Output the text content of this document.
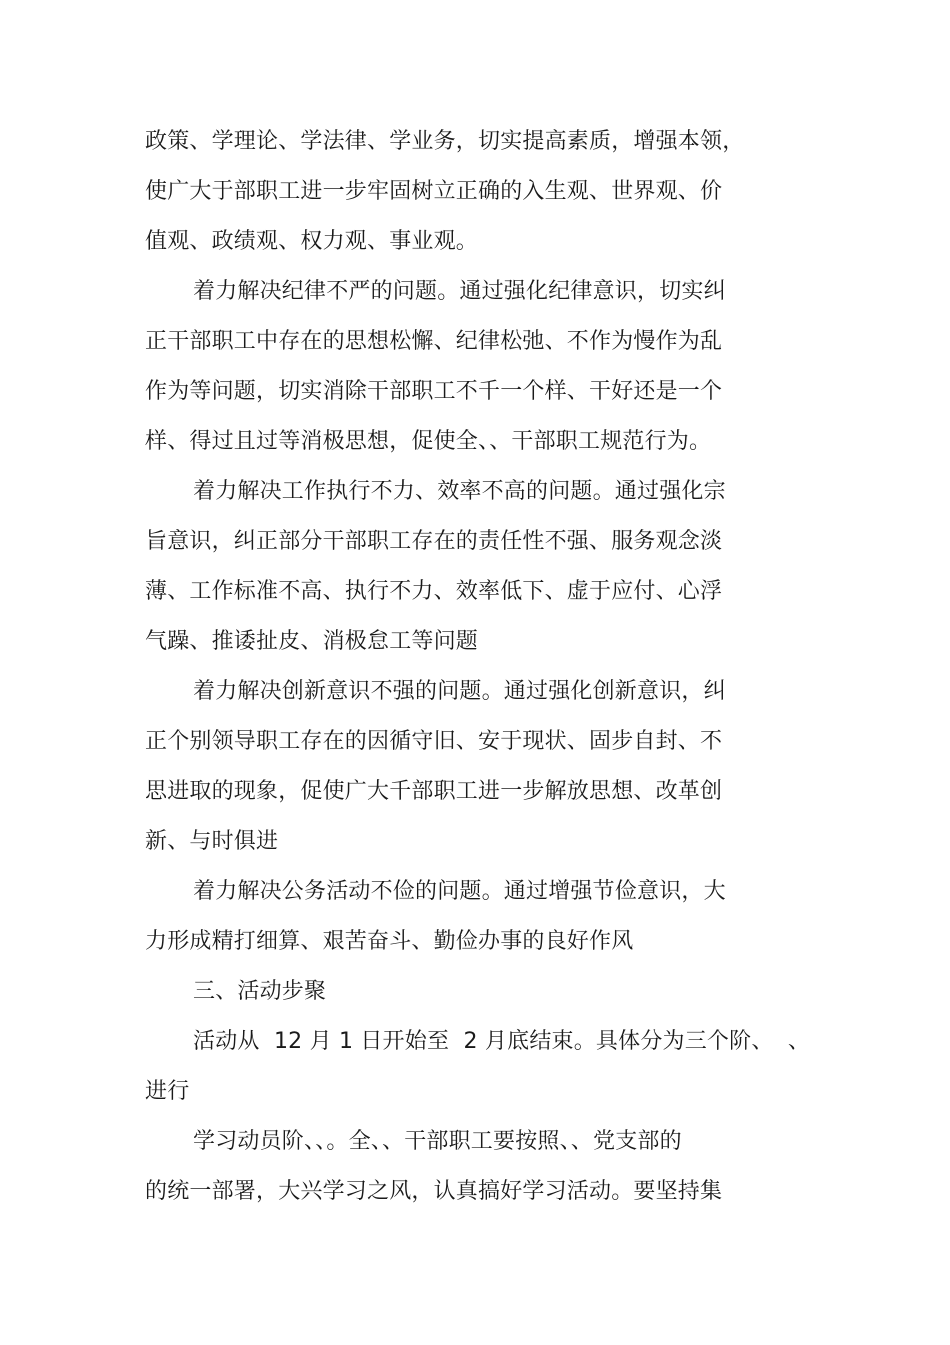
政策、学理论、学法律、学业务，切实提高素质，增强本领，
使广大于部职工进一步牢固树立正确的入生观、世界观、价
值观、政绩观、权力观、事业观。
着力解决纪律不严的问题。通过强化纪律意识，切实纠
正干部职工中存在的思想松懈、纪律松弛、不作为慢作为乱
作为等问题，切实消除干部职工不千一个样、干好还是一个
样、得过且过等消极思想，促使全、、干部职工规范行为。
着力解决工作执行不力、效率不高的问题。通过强化宗
旨意识，纠正部分干部职工存在的责任性不强、服务观念淡
薄、工作标准不高、执行不力、效率低下、虚于应付、心浮
气躁、推诿扯皮、消极怠工等问题
着力解决创新意识不强的问题。通过强化创新意识，纠
正个别领导职工存在的因循守旧、安于现状、固步自封、不
思进取的现象，促使广大千部职工进一步解放思想、改革创
新、与时俱进
着力解决公务活动不俭的问题。通过增强节俭意识，大
力形成精打细算、艰苦奋斗、勤俭办事的良好作风
三、活动步聚
活动从  12 月 1 日开始至  2 月底结束。具体分为三个阶、  、
进行
学习动员阶、、。全、、干部职工要按照、、党支部的
的统一部署，大兴学习之风，认真搞好学习活动。要坚持集
